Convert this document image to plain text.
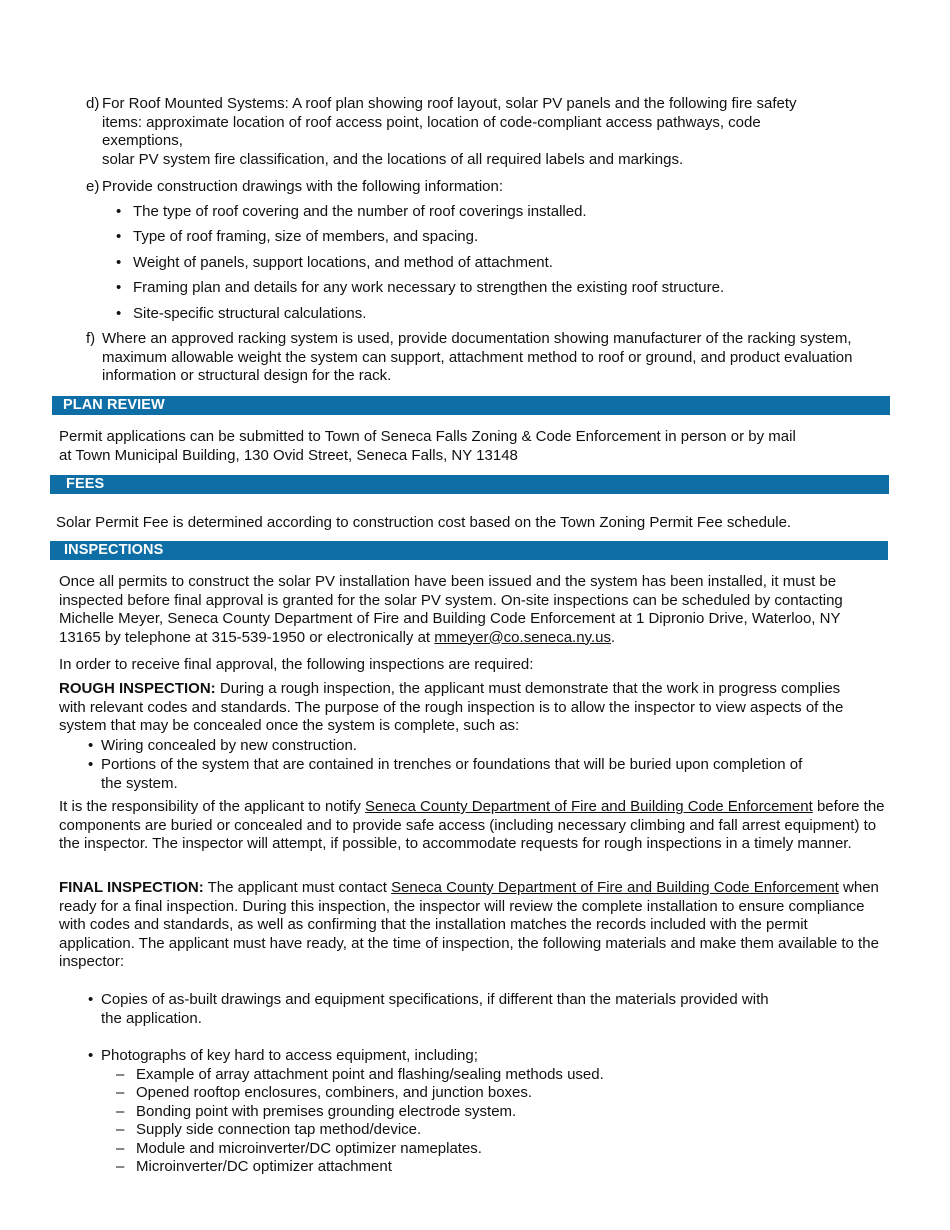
d) For Roof Mounted Systems: A roof plan showing roof layout, solar PV panels and the following fire safety items: approximate location of roof access point, location of code-compliant access pathways, code exemptions,
solar PV system fire classification, and the locations of all required labels and markings.
e) Provide construction drawings with the following information:
• The type of roof covering and the number of roof coverings installed.
• Type of roof framing, size of members, and spacing.
• Weight of panels, support locations, and method of attachment.
• Framing plan and details for any work necessary to strengthen the existing roof structure.
• Site-specific structural calculations.
f) Where an approved racking system is used, provide documentation showing manufacturer of the racking system, maximum allowable weight the system can support, attachment method to roof or ground, and product evaluation information or structural design for the rack.
PLAN REVIEW
Permit applications can be submitted to Town of Seneca Falls Zoning & Code Enforcement in person or by mail
at Town Municipal Building, 130 Ovid Street, Seneca Falls, NY 13148
FEES
Solar Permit Fee is determined according to construction cost based on the Town Zoning Permit Fee schedule.
INSPECTIONS
Once all permits to construct the solar PV installation have been issued and the system has been installed, it must be inspected before final approval is granted for the solar PV system. On-site inspections can be scheduled by contacting Michelle Meyer, Seneca County Department of Fire and Building Code Enforcement at 1 Dipronio Drive, Waterloo, NY 13165 by telephone at 315-539-1950 or electronically at mmeyer@co.seneca.ny.us.
In order to receive final approval, the following inspections are required:
ROUGH INSPECTION: During a rough inspection, the applicant must demonstrate that the work in progress complies with relevant codes and standards. The purpose of the rough inspection is to allow the inspector to view aspects of the system that may be concealed once the system is complete, such as:
• Wiring concealed by new construction.
• Portions of the system that are contained in trenches or foundations that will be buried upon completion of the system.
It is the responsibility of the applicant to notify Seneca County Department of Fire and Building Code Enforcement before the components are buried or concealed and to provide safe access (including necessary climbing and fall arrest equipment) to the inspector. The inspector will attempt, if possible, to accommodate requests for rough inspections in a timely manner.
FINAL INSPECTION: The applicant must contact Seneca County Department of Fire and Building Code Enforcement when ready for a final inspection. During this inspection, the inspector will review the complete installation to ensure compliance with codes and standards, as well as confirming that the installation matches the records included with the permit application. The applicant must have ready, at the time of inspection, the following materials and make them available to the inspector:
• Copies of as-built drawings and equipment specifications, if different than the materials provided with the application.
• Photographs of key hard to access equipment, including;
– Example of array attachment point and flashing/sealing methods used.
– Opened rooftop enclosures, combiners, and junction boxes.
– Bonding point with premises grounding electrode system.
– Supply side connection tap method/device.
– Module and microinverter/DC optimizer nameplates.
– Microinverter/DC optimizer attachment
